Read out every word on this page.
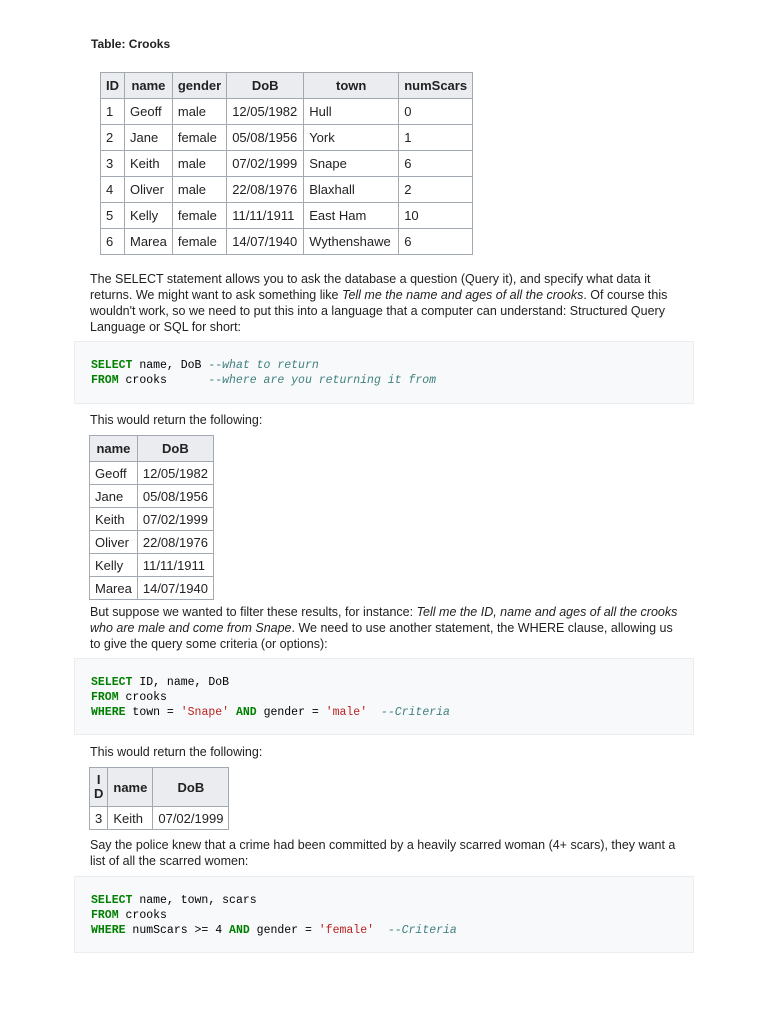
Table: Crooks
ID	name	gender	DoB	town	numScars
1	Geoff	male	12/05/1982	Hull	0
2	Jane	female	05/08/1956	York	1
3	Keith	male	07/02/1999	Snape	6
4	Oliver	male	22/08/1976	Blaxhall	2
5	Kelly	female	11/11/1911	East Ham	10
6	Marea	female	14/07/1940	Wythenshawe	6
The SELECT statement allows you to ask the database a question (Query it), and specify what data it returns. We might want to ask something like Tell me the name and ages of all the crooks. Of course this wouldn't work, so we need to put this into a language that a computer can understand: Structured Query Language or SQL for short:
SELECT name, DoB --what to return
FROM crooks      --where are you returning it from
This would return the following:
name	DoB
Geoff	12/05/1982
Jane	05/08/1956
Keith	07/02/1999
Oliver	22/08/1976
Kelly	11/11/1911
Marea	14/07/1940
But suppose we wanted to filter these results, for instance: Tell me the ID, name and ages of all the crooks who are male and come from Snape. We need to use another statement, the WHERE clause, allowing us to give the query some criteria (or options):
SELECT ID, name, DoB
FROM crooks
WHERE town = 'Snape' AND gender = 'male' --Criteria
This would return the following:
I D	name	DoB
3	Keith	07/02/1999
Say the police knew that a crime had been committed by a heavily scarred woman (4+ scars), they want a list of all the scarred women:
SELECT name, town, scars
FROM crooks
WHERE numScars >= 4 AND gender = 'female' --Criteria
